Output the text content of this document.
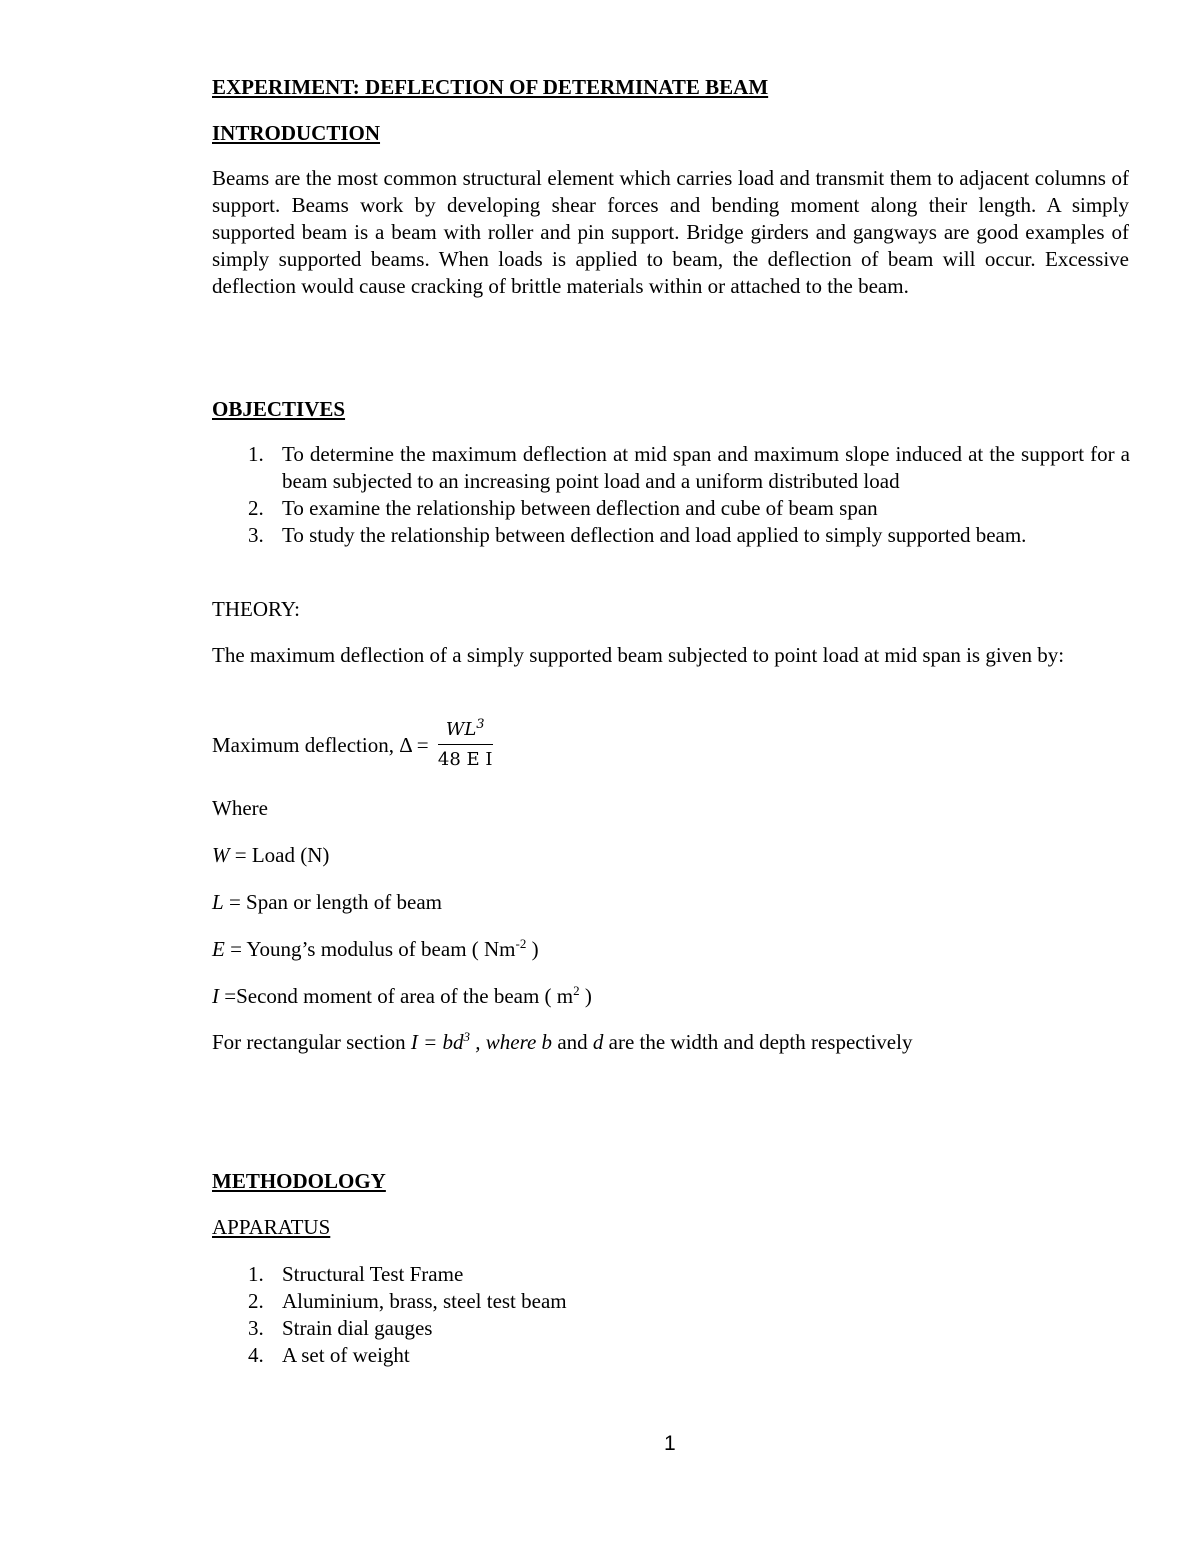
EXPERIMENT: DEFLECTION OF DETERMINATE BEAM
INTRODUCTION

Beams are the most common structural element which carries load and transmit them to adjacent columns of support. Beams work by developing shear forces and bending moment along their length. A simply supported beam is a beam with roller and pin support. Bridge girders and gangways are good examples of simply supported beams. When loads is applied to beam, the deflection of beam will occur. Excessive deflection would cause cracking of brittle materials within or attached to the beam.

OBJECTIVES
1. To determine the maximum deflection at mid span and maximum slope induced at the support for a beam subjected to an increasing point load and a uniform distributed load
2. To examine the relationship between deflection and cube of beam span
3. To study the relationship between deflection and load applied to simply supported beam.
THEORY:

The maximum deflection of a simply supported beam subjected to point load at mid span is given by:

Maximum deflection, $\Delta = \frac{WL^3}{\text{48 E I}}$
Where
W = Load (N)
L = Span or length of beam
E = Young’s modulus of beam ( $Nm^{-2}$ )
I =Second moment of area of the beam ( $m^2$ )
For rectangular section $I = bd^3$ , where b and d are the width and depth respectively
METHODOLOGY
APPARATUS
1. Structural Test Frame
2. Aluminium, brass, steel test beam
3. Strain dial gauges
4. A set of weight
1
